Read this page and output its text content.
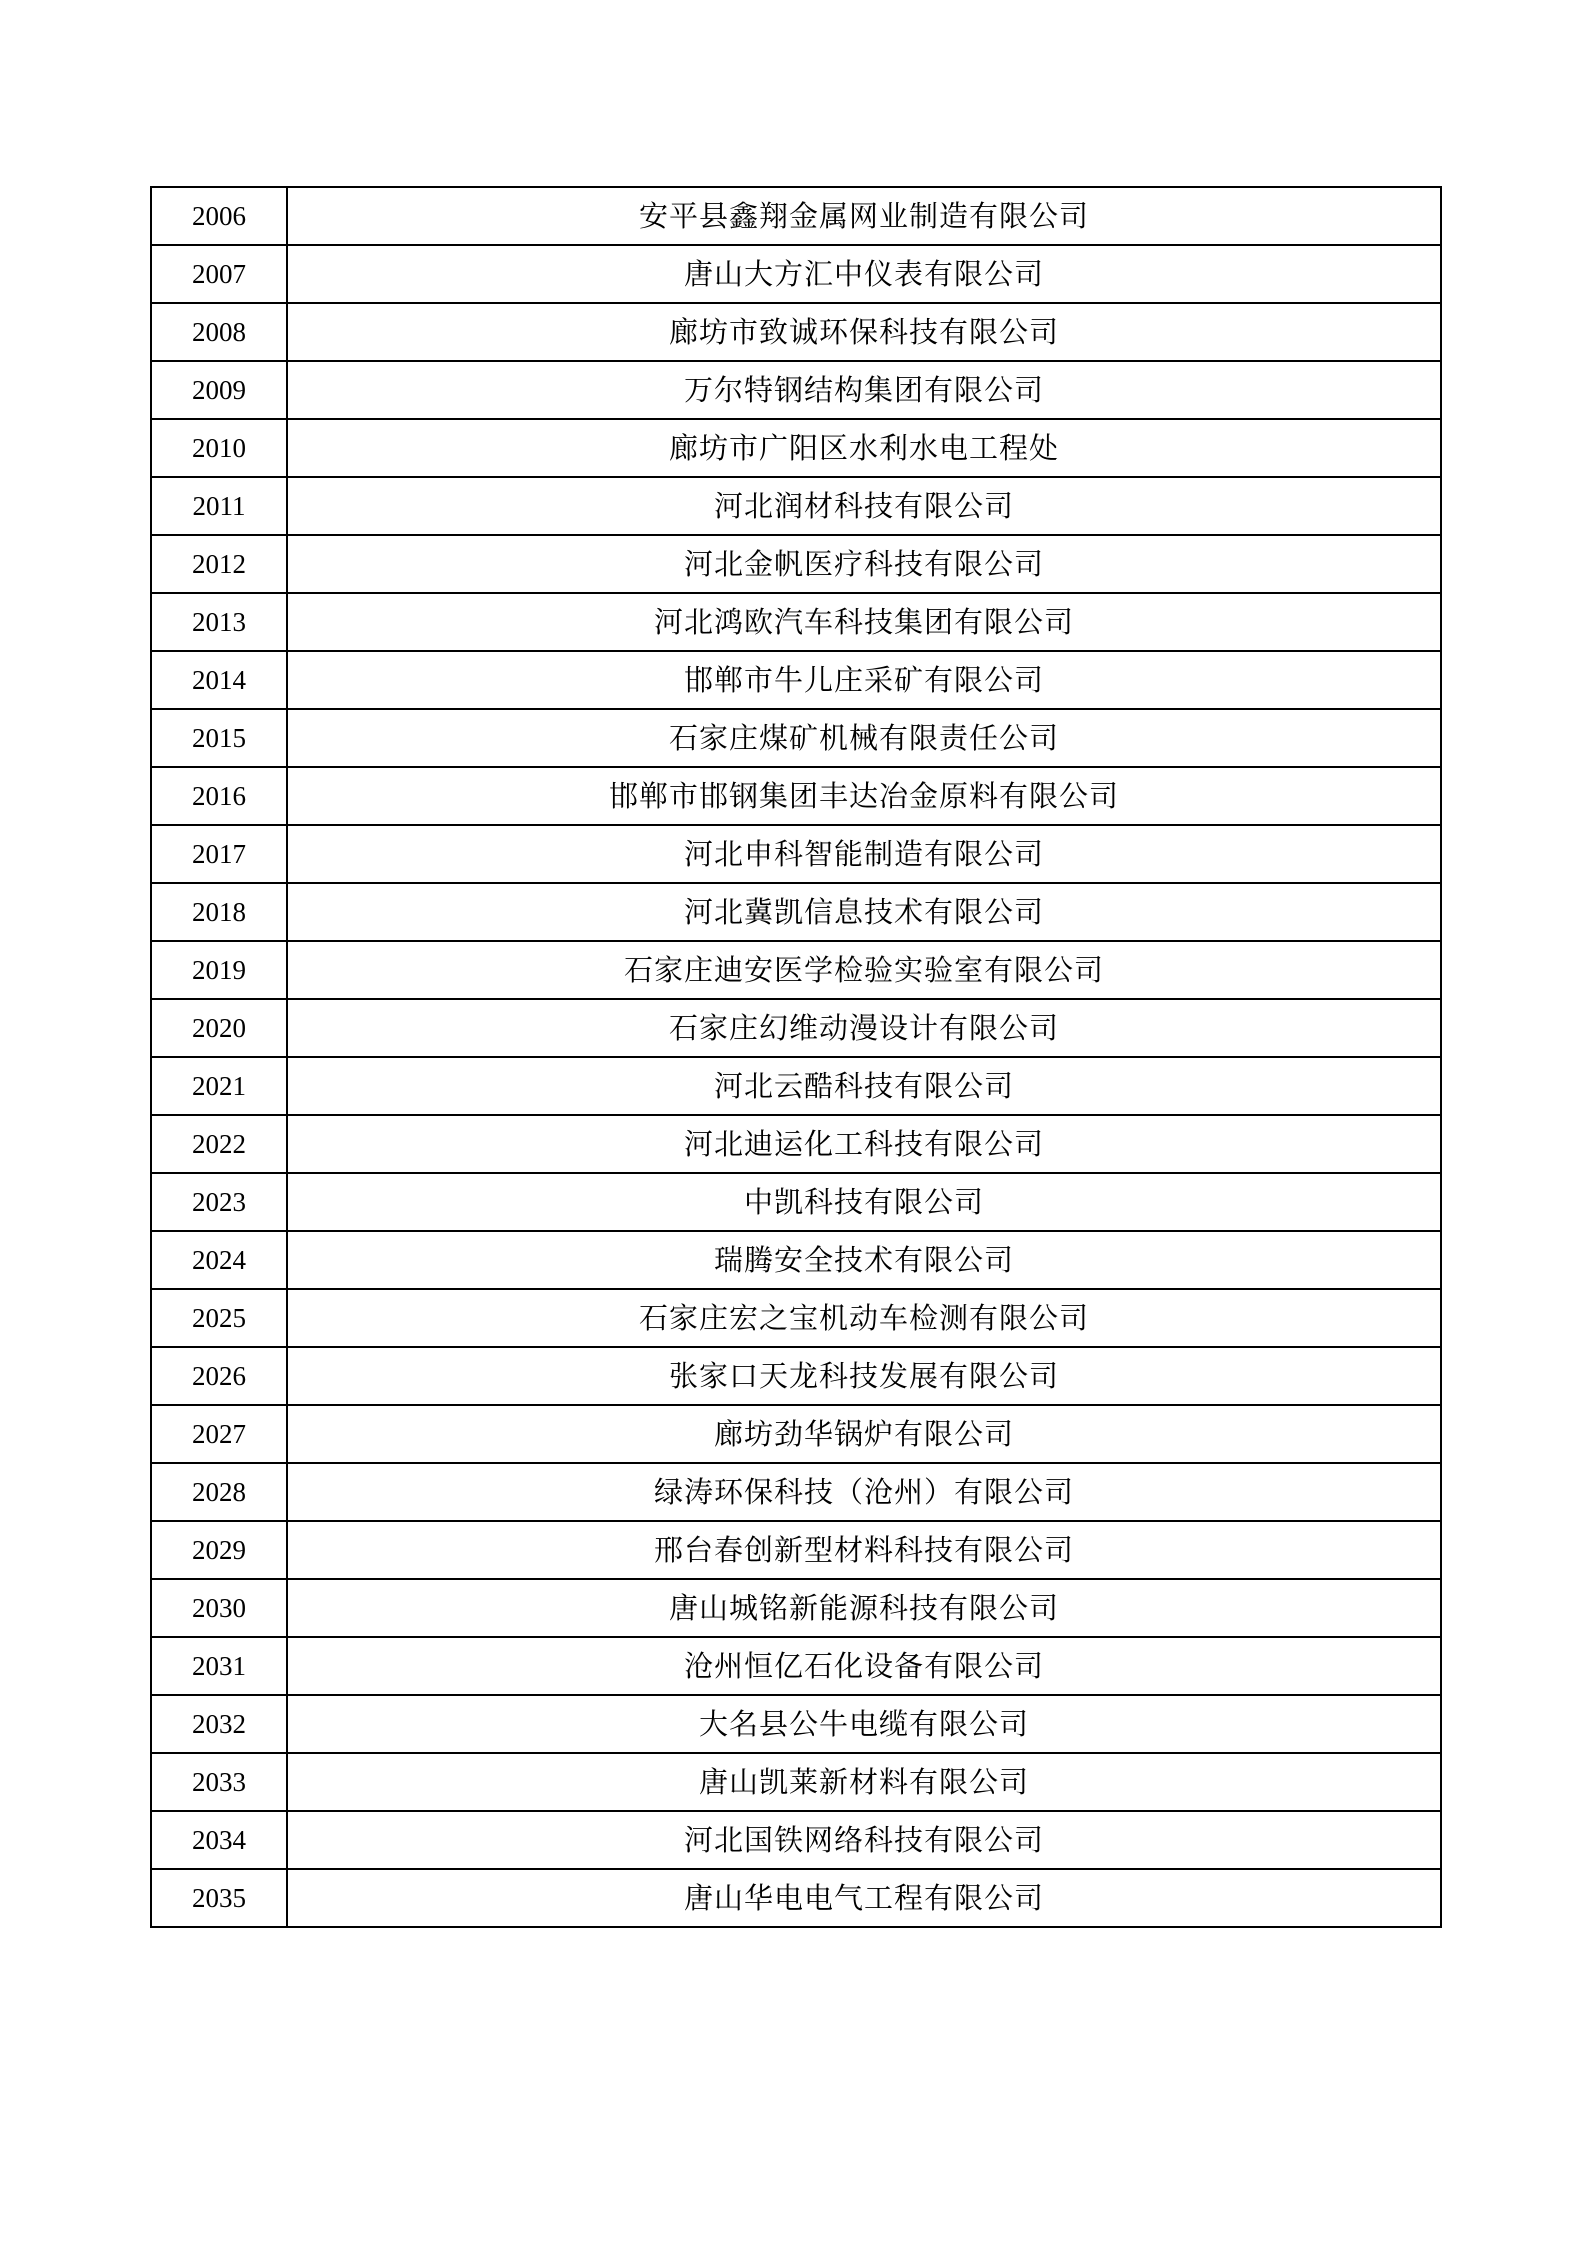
2006	安平县鑫翔金属网业制造有限公司
2007	唐山大方汇中仪表有限公司
2008	廊坊市致诚环保科技有限公司
2009	万尔特钢结构集团有限公司
2010	廊坊市广阳区水利水电工程处
2011	河北润材科技有限公司
2012	河北金帆医疗科技有限公司
2013	河北鸿欧汽车科技集团有限公司
2014	邯郸市牛儿庄采矿有限公司
2015	石家庄煤矿机械有限责任公司
2016	邯郸市邯钢集团丰达冶金原料有限公司
2017	河北申科智能制造有限公司
2018	河北冀凯信息技术有限公司
2019	石家庄迪安医学检验实验室有限公司
2020	石家庄幻维动漫设计有限公司
2021	河北云酷科技有限公司
2022	河北迪运化工科技有限公司
2023	中凯科技有限公司
2024	瑞腾安全技术有限公司
2025	石家庄宏之宝机动车检测有限公司
2026	张家口天龙科技发展有限公司
2027	廊坊劲华锅炉有限公司
2028	绿涛环保科技（沧州）有限公司
2029	邢台春创新型材料科技有限公司
2030	唐山城铭新能源科技有限公司
2031	沧州恒亿石化设备有限公司
2032	大名县公牛电缆有限公司
2033	唐山凯莱新材料有限公司
2034	河北国铁网络科技有限公司
2035	唐山华电电气工程有限公司
